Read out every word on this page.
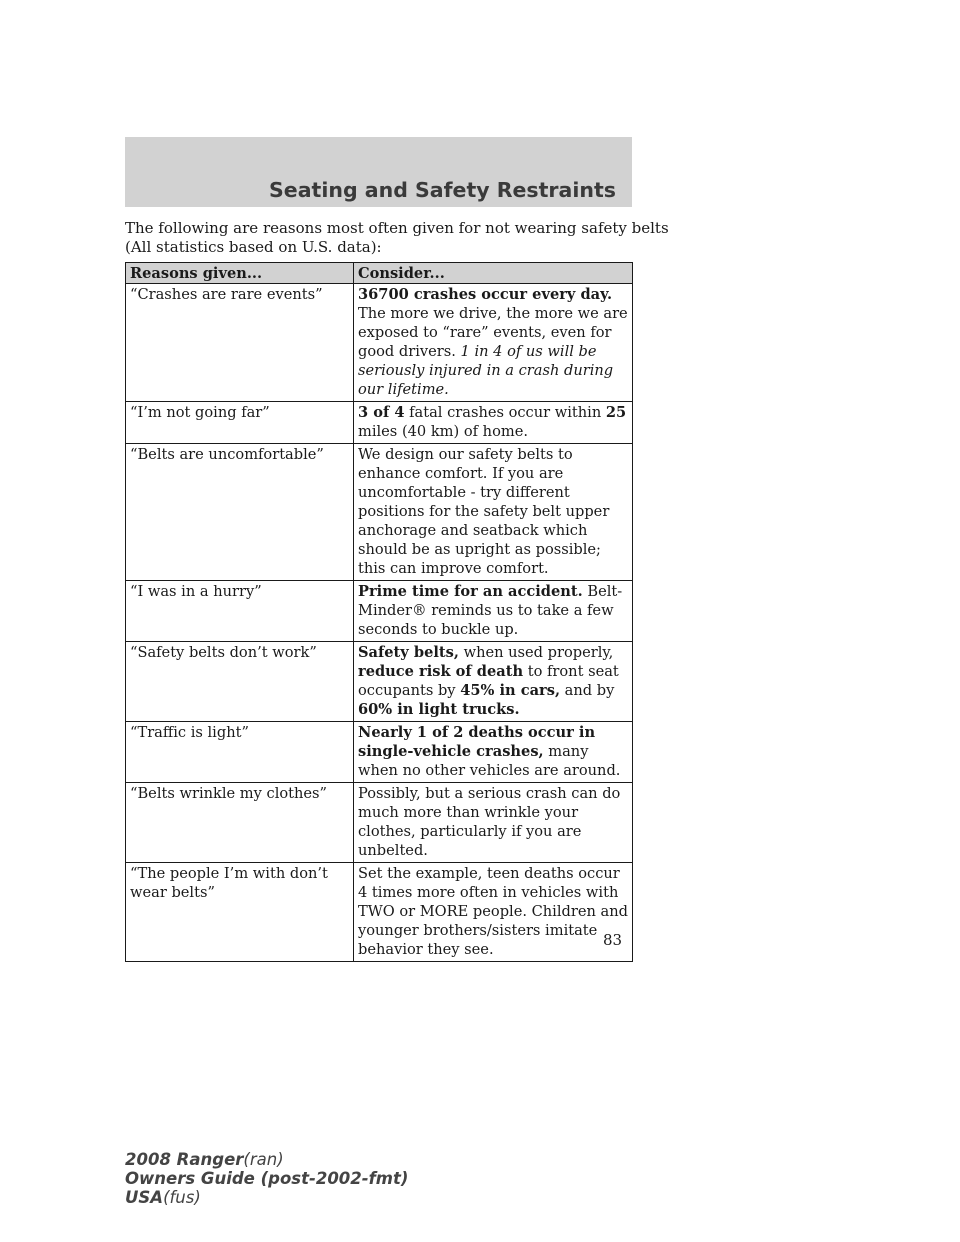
Seating and Safety Restraints
The following are reasons most often given for not wearing safety belts
(All statistics based on U.S. data):
Reasons given...	Consider...
“Crashes are rare events”	36700 crashes occur every day. The more we drive, the more we are exposed to “rare” events, even for good drivers. 1 in 4 of us will be seriously injured in a crash during our lifetime.
“I’m not going far”	3 of 4 fatal crashes occur within 25 miles (40 km) of home.
“Belts are uncomfortable”	We design our safety belts to enhance comfort. If you are uncomfortable - try different positions for the safety belt upper anchorage and seatback which should be as upright as possible; this can improve comfort.
“I was in a hurry”	Prime time for an accident. Belt-Minder® reminds us to take a few seconds to buckle up.
“Safety belts don’t work”	Safety belts, when used properly, reduce risk of death to front seat occupants by 45% in cars, and by 60% in light trucks.
“Traffic is light”	Nearly 1 of 2 deaths occur in single-vehicle crashes, many when no other vehicles are around.
“Belts wrinkle my clothes”	Possibly, but a serious crash can do much more than wrinkle your clothes, particularly if you are unbelted.
“The people I’m with don’t wear belts”	Set the example, teen deaths occur 4 times more often in vehicles with TWO or MORE people. Children and younger brothers/sisters imitate behavior they see.
83
2008 Ranger(ran)
Owners Guide (post-2002-fmt)
USA(fus)
